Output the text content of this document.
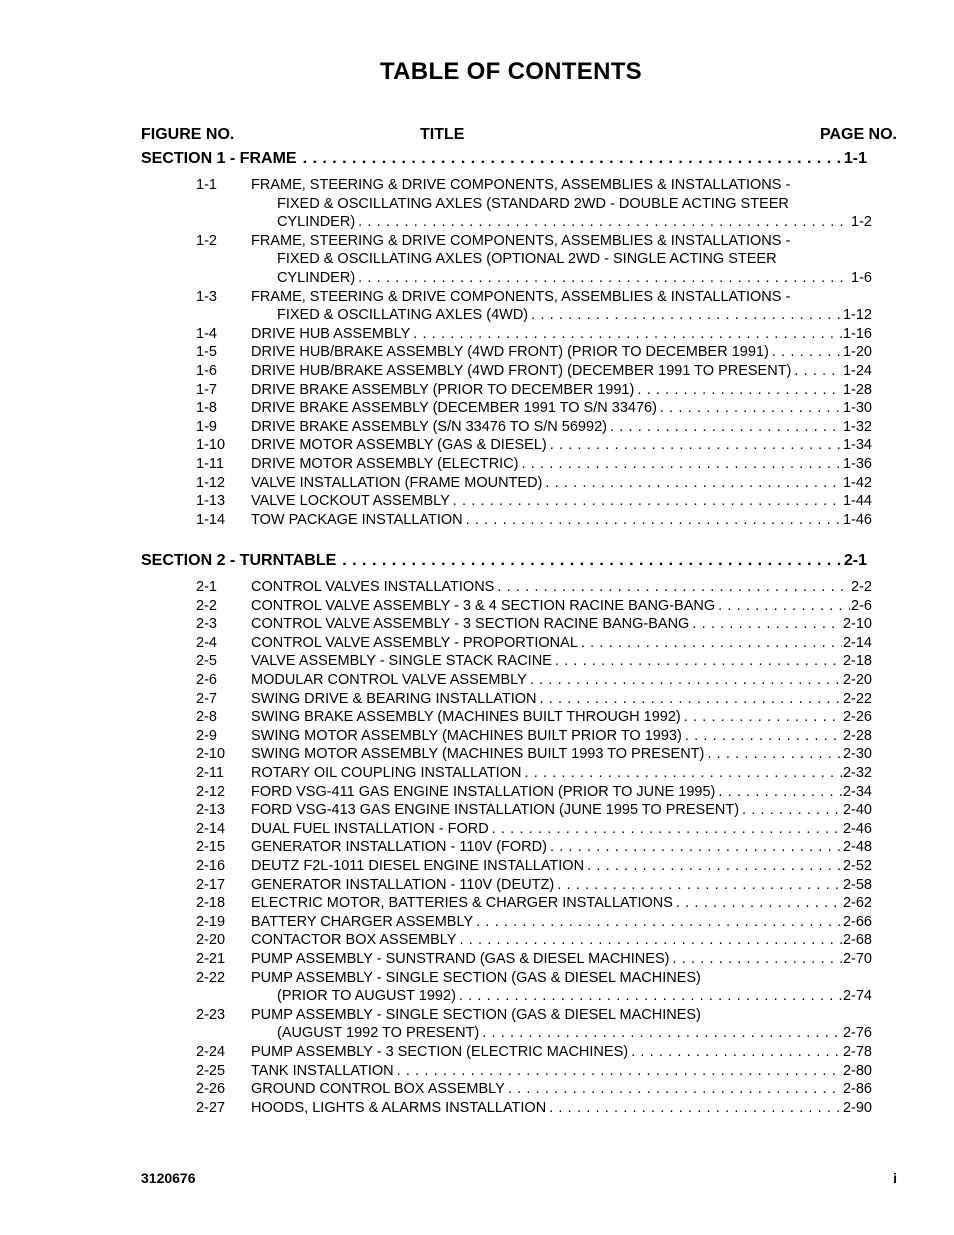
TABLE OF CONTENTS
FIGURE NO.	TITLE	PAGE NO.
SECTION 1 - FRAME . . .	1-1
1-1 FRAME, STEERING & DRIVE COMPONENTS, ASSEMBLIES & INSTALLATIONS -
FIXED & OSCILLATING AXLES (STANDARD 2WD - DOUBLE ACTING STEER
CYLINDER) . . .	1-2
1-2 FRAME, STEERING & DRIVE COMPONENTS, ASSEMBLIES & INSTALLATIONS -
FIXED & OSCILLATING AXLES (OPTIONAL 2WD - SINGLE ACTING STEER
CYLINDER) . . .	1-6
1-3 FRAME, STEERING & DRIVE COMPONENTS, ASSEMBLIES & INSTALLATIONS -
FIXED & OSCILLATING AXLES (4WD) . . .	1-12
1-4 DRIVE HUB ASSEMBLY . . .	1-16
1-5 DRIVE HUB/BRAKE ASSEMBLY (4WD FRONT) (PRIOR TO DECEMBER 1991) . . .	1-20
1-6 DRIVE HUB/BRAKE ASSEMBLY (4WD FRONT) (DECEMBER 1991 TO PRESENT) . . .	1-24
1-7 DRIVE BRAKE ASSEMBLY (PRIOR TO DECEMBER 1991) . . .	1-28
1-8 DRIVE BRAKE ASSEMBLY (DECEMBER 1991 TO S/N 33476) . . .	1-30
1-9 DRIVE BRAKE ASSEMBLY (S/N 33476 TO S/N 56992) . . .	1-32
1-10 DRIVE MOTOR ASSEMBLY (GAS & DIESEL) . . .	1-34
1-11 DRIVE MOTOR ASSEMBLY (ELECTRIC) . . .	1-36
1-12 VALVE INSTALLATION (FRAME MOUNTED) . . .	1-42
1-13 VALVE LOCKOUT ASSEMBLY . . .	1-44
1-14 TOW PACKAGE INSTALLATION . . .	1-46
SECTION 2 - TURNTABLE . . .	2-1
2-1 CONTROL VALVES INSTALLATIONS . . .	2-2
2-2 CONTROL VALVE ASSEMBLY - 3 & 4 SECTION RACINE BANG-BANG . . .	2-6
2-3 CONTROL VALVE ASSEMBLY - 3 SECTION RACINE BANG-BANG . . .	2-10
2-4 CONTROL VALVE ASSEMBLY - PROPORTIONAL . . .	2-14
2-5 VALVE ASSEMBLY - SINGLE STACK RACINE . . .	2-18
2-6 MODULAR CONTROL VALVE ASSEMBLY . . .	2-20
2-7 SWING DRIVE & BEARING INSTALLATION . . .	2-22
2-8 SWING BRAKE ASSEMBLY (MACHINES BUILT THROUGH 1992) . . .	2-26
2-9 SWING MOTOR ASSEMBLY (MACHINES BUILT PRIOR TO 1993) . . .	2-28
2-10 SWING MOTOR ASSEMBLY (MACHINES BUILT 1993 TO PRESENT) . . .	2-30
2-11 ROTARY OIL COUPLING INSTALLATION . . .	2-32
2-12 FORD VSG-411 GAS ENGINE INSTALLATION (PRIOR TO JUNE 1995) . . .	2-34
2-13 FORD VSG-413 GAS ENGINE INSTALLATION (JUNE 1995 TO PRESENT) . . .	2-40
2-14 DUAL FUEL INSTALLATION - FORD . . .	2-46
2-15 GENERATOR INSTALLATION - 110V (FORD) . . .	2-48
2-16 DEUTZ F2L-1011 DIESEL ENGINE INSTALLATION . . .	2-52
2-17 GENERATOR INSTALLATION - 110V (DEUTZ) . . .	2-58
2-18 ELECTRIC MOTOR, BATTERIES & CHARGER INSTALLATIONS . . .	2-62
2-19 BATTERY CHARGER ASSEMBLY . . .	2-66
2-20 CONTACTOR BOX ASSEMBLY . . .	2-68
2-21 PUMP ASSEMBLY - SUNSTRAND (GAS & DIESEL MACHINES) . . .	2-70
2-22 PUMP ASSEMBLY - SINGLE SECTION (GAS & DIESEL MACHINES)
(PRIOR TO AUGUST 1992) . . .	2-74
2-23 PUMP ASSEMBLY - SINGLE SECTION (GAS & DIESEL MACHINES)
(AUGUST 1992 TO PRESENT) . . .	2-76
2-24 PUMP ASSEMBLY - 3 SECTION (ELECTRIC MACHINES) . . .	2-78
2-25 TANK INSTALLATION . . .	2-80
2-26 GROUND CONTROL BOX ASSEMBLY . . .	2-86
2-27 HOODS, LIGHTS & ALARMS INSTALLATION . . .	2-90
3120676	i
